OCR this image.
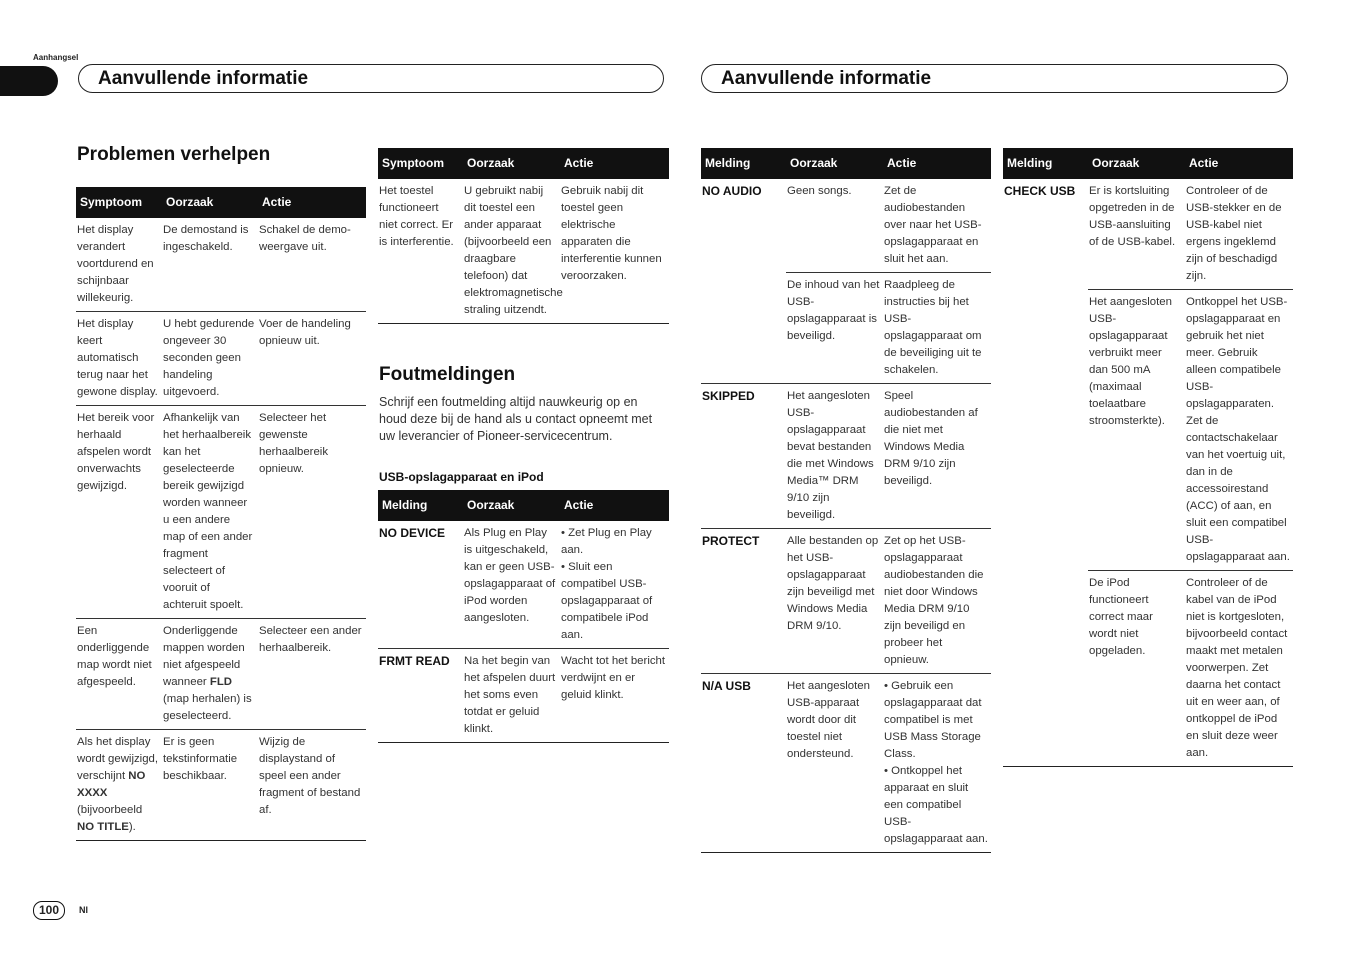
Aanhangsel
Aanvullende informatie	Aanvullende informatie
Problemen verhelpen
Symptoom	Oorzaak	Actie
Het display verandert voortdurend en schijnbaar willekeurig.	De demostand is ingeschakeld.	Schakel de demo-weergave uit.
Het display keert automatisch terug naar het gewone display.	U hebt gedurende ongeveer 30 seconden geen handeling uitgevoerd.	Voer de handeling opnieuw uit.
Het bereik voor herhaald afspelen wordt onverwachts gewijzigd.	Afhankelijk van het herhaalbereik kan het geselecteerde bereik gewijzigd worden wanneer u een andere map of een ander fragment selecteert of vooruit of achteruit spoelt.	Selecteer het gewenste herhaalbereik opnieuw.
Een onderliggende map wordt niet afgespeeld.	Onderliggende mappen worden niet afgespeeld wanneer FLD (map herhalen) is geselecteerd.	Selecteer een ander herhaalbereik.
Als het display wordt gewijzigd, verschijnt NO XXXX (bijvoorbeeld NO TITLE).	Er is geen tekstinformatie beschikbaar.	Wijzig de displaystand of speel een ander fragment of bestand af.
Symptoom	Oorzaak	Actie
Het toestel functioneert niet correct. Er is interferentie.	U gebruikt nabij dit toestel een ander apparaat (bijvoorbeeld een draagbare telefoon) dat elektromagnetische straling uitzendt.	Gebruik nabij dit toestel geen elektrische apparaten die interferentie kunnen veroorzaken.
Foutmeldingen
Schrijf een foutmelding altijd nauwkeurig op en houd deze bij de hand als u contact opneemt met uw leverancier of Pioneer-servicecentrum.
USB-opslagapparaat en iPod
Melding	Oorzaak	Actie
NO DEVICE	Als Plug en Play is uitgeschakeld, kan er geen USB-opslagapparaat of iPod worden aangesloten.	• Zet Plug en Play aan.
• Sluit een compatibel USB-opslagapparaat of compatibele iPod aan.

FRMT READ	Na het begin van het afspelen duurt het soms even totdat er geluid klinkt.	Wacht tot het bericht verdwijnt en er geluid klinkt.
Melding	Oorzaak	Actie
NO AUDIO	Geen songs.	Zet de audiobestanden over naar het USB-opslagapparaat en sluit het aan.
	De inhoud van het USB-opslagapparaat is beveiligd.	Raadpleeg de instructies bij het USB-opslagapparaat om de beveiliging uit te schakelen.
SKIPPED	Het aangesloten USB-opslagapparaat bevat bestanden die met Windows Media™ DRM 9/10 zijn beveiligd.	Speel audiobestanden af die niet met Windows Media DRM 9/10 zijn beveiligd.
PROTECT	Alle bestanden op het USB-opslagapparaat zijn beveiligd met Windows Media DRM 9/10.	Zet op het USB-opslagapparaat audiobestanden die niet door Windows Media DRM 9/10 zijn beveiligd en probeer het opnieuw.
N/A USB	Het aangesloten USB-apparaat wordt door dit toestel niet ondersteund.	• Gebruik een opslagapparaat dat compatibel is met USB Mass Storage Class.
• Ontkoppel het apparaat en sluit een compatibel USB-opslagapparaat aan.
Melding	Oorzaak	Actie
CHECK USB	Er is kortsluiting opgetreden in de USB-aansluiting of de USB-kabel.	Controleer of de USB-stekker en de USB-kabel niet ergens ingeklemd zijn of beschadigd zijn.
	Het aangesloten USB-opslagapparaat verbruikt meer dan 500 mA (maximaal toelaatbare stroomsterkte).	Ontkoppel het USB-opslagapparaat en gebruik het niet meer. Gebruik alleen compatibele USB-opslagapparaten. Zet de contactschakelaar van het voertuig uit, dan in de accessoirestand (ACC) of aan, en sluit een compatibel USB-opslagapparaat aan.
	De iPod functioneert correct maar wordt niet opgeladen.	Controleer of de kabel van de iPod niet is kortgesloten, bijvoorbeeld contact maakt met metalen voorwerpen. Zet daarna het contact uit en weer aan, of ontkoppel de iPod en sluit deze weer aan.
100	Nl
